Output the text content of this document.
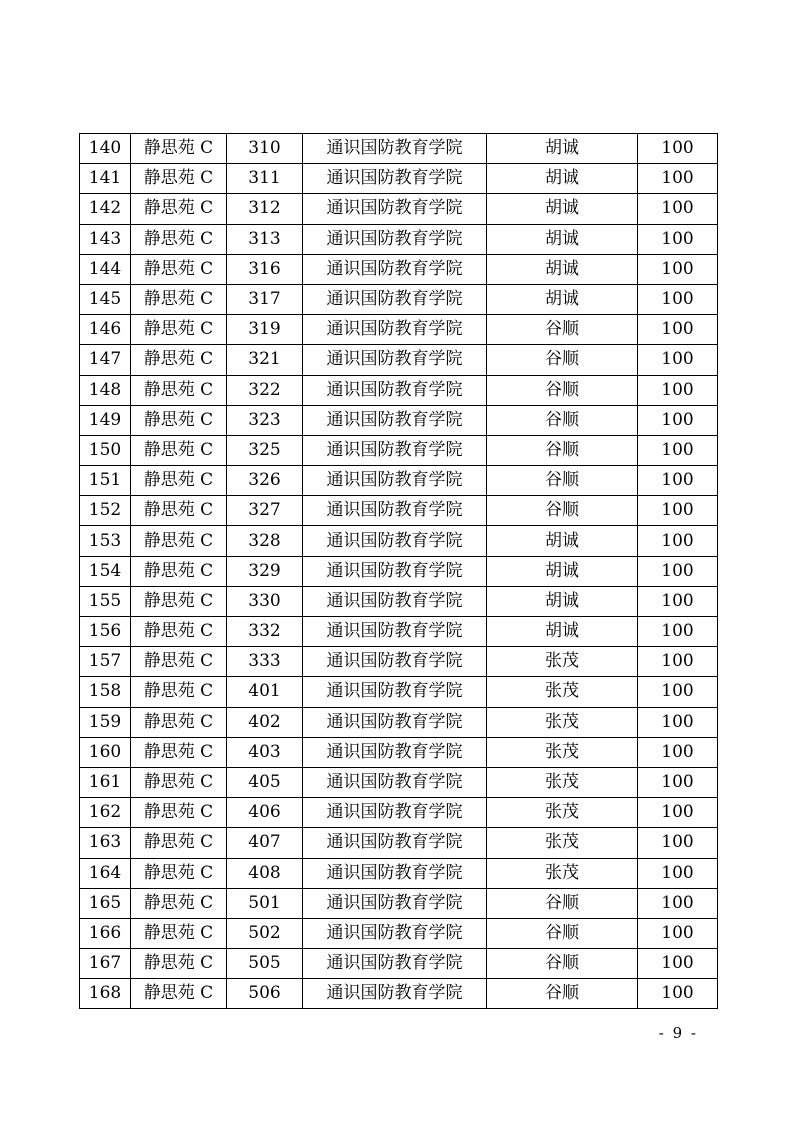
140	静思苑 C	310	通识国防教育学院	胡诚	100
141	静思苑 C	311	通识国防教育学院	胡诚	100
142	静思苑 C	312	通识国防教育学院	胡诚	100
143	静思苑 C	313	通识国防教育学院	胡诚	100
144	静思苑 C	316	通识国防教育学院	胡诚	100
145	静思苑 C	317	通识国防教育学院	胡诚	100
146	静思苑 C	319	通识国防教育学院	谷顺	100
147	静思苑 C	321	通识国防教育学院	谷顺	100
148	静思苑 C	322	通识国防教育学院	谷顺	100
149	静思苑 C	323	通识国防教育学院	谷顺	100
150	静思苑 C	325	通识国防教育学院	谷顺	100
151	静思苑 C	326	通识国防教育学院	谷顺	100
152	静思苑 C	327	通识国防教育学院	谷顺	100
153	静思苑 C	328	通识国防教育学院	胡诚	100
154	静思苑 C	329	通识国防教育学院	胡诚	100
155	静思苑 C	330	通识国防教育学院	胡诚	100
156	静思苑 C	332	通识国防教育学院	胡诚	100
157	静思苑 C	333	通识国防教育学院	张茂	100
158	静思苑 C	401	通识国防教育学院	张茂	100
159	静思苑 C	402	通识国防教育学院	张茂	100
160	静思苑 C	403	通识国防教育学院	张茂	100
161	静思苑 C	405	通识国防教育学院	张茂	100
162	静思苑 C	406	通识国防教育学院	张茂	100
163	静思苑 C	407	通识国防教育学院	张茂	100
164	静思苑 C	408	通识国防教育学院	张茂	100
165	静思苑 C	501	通识国防教育学院	谷顺	100
166	静思苑 C	502	通识国防教育学院	谷顺	100
167	静思苑 C	505	通识国防教育学院	谷顺	100
168	静思苑 C	506	通识国防教育学院	谷顺	100
- 9 -
